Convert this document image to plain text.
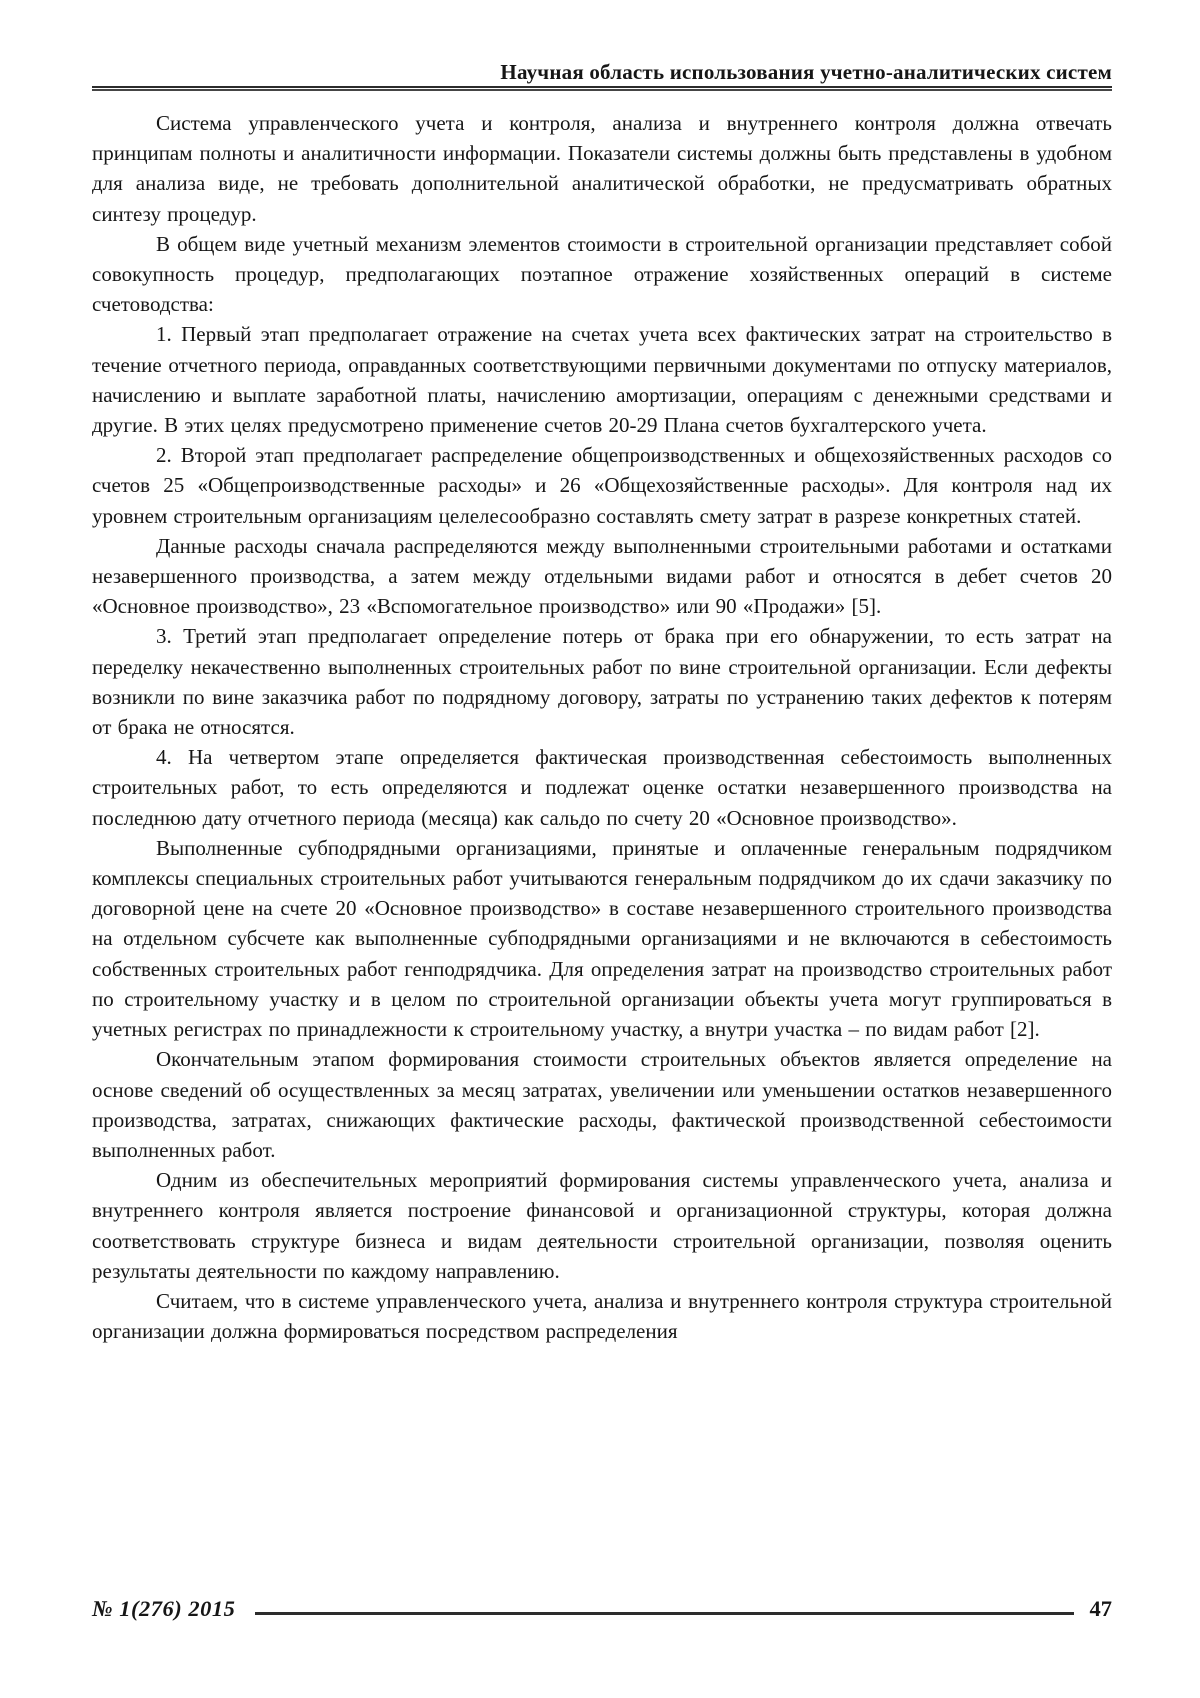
Научная область использования учетно-аналитических систем

Система управленческого учета и контроля, анализа и внутреннего контроля должна отвечать принципам полноты и аналитичности информации. Показатели системы должны быть представлены в удобном для анализа виде, не требовать дополнительной аналитической обработки, не предусматривать обратных синтезу процедур.

В общем виде учетный механизм элементов стоимости в строительной организации представляет собой совокупность процедур, предполагающих поэтапное отражение хозяйственных операций в системе счетоводства:

1. Первый этап предполагает отражение на счетах учета всех фактических затрат на строительство в течение отчетного периода, оправданных соответствующими первичными документами по отпуску материалов, начислению и выплате заработной платы, начислению амортизации, операциям с денежными средствами и другие. В этих целях предусмотрено применение счетов 20-29 Плана счетов бухгалтерского учета.

2. Второй этап предполагает распределение общепроизводственных и общехозяйственных расходов со счетов 25 «Общепроизводственные расходы» и 26 «Общехозяйственные расходы». Для контроля над их уровнем строительным организациям целелесообразно составлять смету затрат в разрезе конкретных статей.

Данные расходы сначала распределяются между выполненными строительными работами и остатками незавершенного производства, а затем между отдельными видами работ и относятся в дебет счетов 20 «Основное производство», 23 «Вспомогательное производство» или 90 «Продажи» [5].

3. Третий этап предполагает определение потерь от брака при его обнаружении, то есть затрат на переделку некачественно выполненных строительных работ по вине строительной организации. Если дефекты возникли по вине заказчика работ по подрядному договору, затраты по устранению таких дефектов к потерям от брака не относятся.

4. На четвертом этапе определяется фактическая производственная себестоимость выполненных строительных работ, то есть определяются и подлежат оценке остатки незавершенного производства на последнюю дату отчетного периода (месяца) как сальдо по счету 20 «Основное производство».

Выполненные субподрядными организациями, принятые и оплаченные генеральным подрядчиком комплексы специальных строительных работ учитываются генеральным подрядчиком до их сдачи заказчику по договорной цене на счете 20 «Основное производство» в составе незавершенного строительного производства на отдельном субсчете как выполненные субподрядными организациями и не включаются в себестоимость собственных строительных работ генподрядчика. Для определения затрат на производство строительных работ по строительному участку и в целом по строительной организации объекты учета могут группироваться в учетных регистрах по принадлежности к строительному участку, а внутри участка – по видам работ [2].

Окончательным этапом формирования стоимости строительных объектов является определение на основе сведений об осуществленных за месяц затратах, увеличении или уменьшении остатков незавершенного производства, затратах, снижающих фактические расходы, фактической производственной себестоимости выполненных работ.

Одним из обеспечительных мероприятий формирования системы управленческого учета, анализа и внутреннего контроля является построение финансовой и организационной структуры, которая должна соответствовать структуре бизнеса и видам деятельности строительной организации, позволяя оценить результаты деятельности по каждому направлению.

Считаем, что в системе управленческого учета, анализа и внутреннего контроля структура строительной организации должна формироваться посредством распределения

№ 1(276) 2015	47
